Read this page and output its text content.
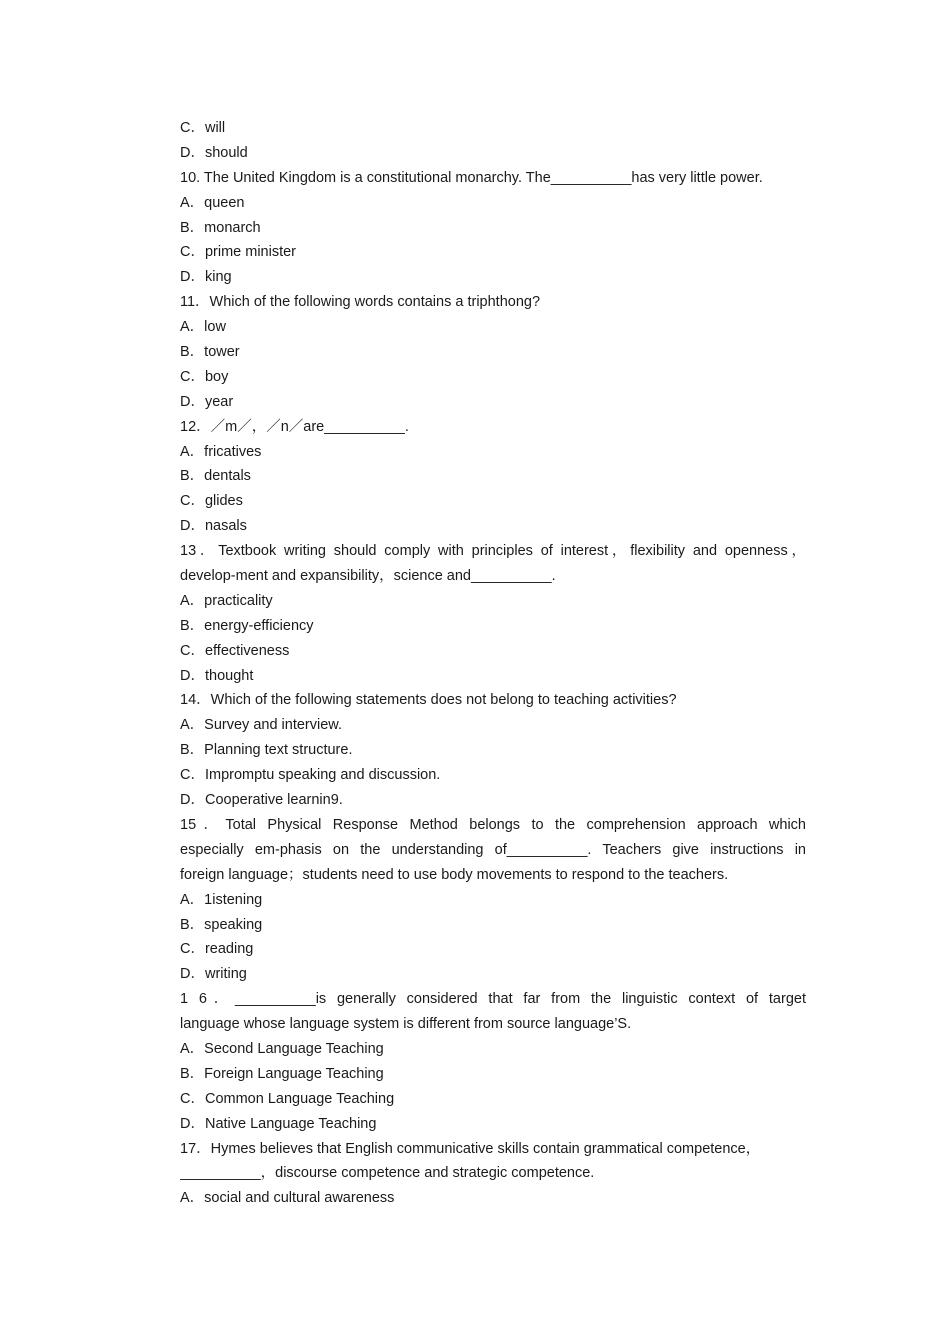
C．will
D．should
10. The United Kingdom is a constitutional monarchy. The__________has very little power.
A．queen
B．monarch
C．prime minister
D．king
11．Which of the following words contains a triphthong?
A．low
B．tower
C．boy
D．year
12．／m／，／n／are__________.
A．fricatives
B．dentals
C．glides
D．nasals
13．Textbook writing should comply with principles of interest，flexibility and openness，
develop-ment and expansibility，science and__________.
A．practicality
B．energy-efficiency
C．effectiveness
D．thought
14．Which of the following statements does not belong to teaching activities?
A．Survey and interview.
B．Planning text structure.
C．Impromptu speaking and discussion.
D．Cooperative learnin9.
15．Total Physical Response Method belongs to the comprehension approach which
especially em-phasis on the understanding of__________. Teachers give instructions in
foreign language；students need to use body movements to respond to the teachers.
A．1istening
B．speaking
C．reading
D．writing
1 6．__________is generally considered that far from the linguistic context of target
language whose language system is different from source language’S.
A．Second Language Teaching
B．Foreign Language Teaching
C．Common Language Teaching
D．Native Language Teaching
17．Hymes believes that English communicative skills contain grammatical competence，
__________，discourse competence and strategic competence.
A．social and cultural awareness
